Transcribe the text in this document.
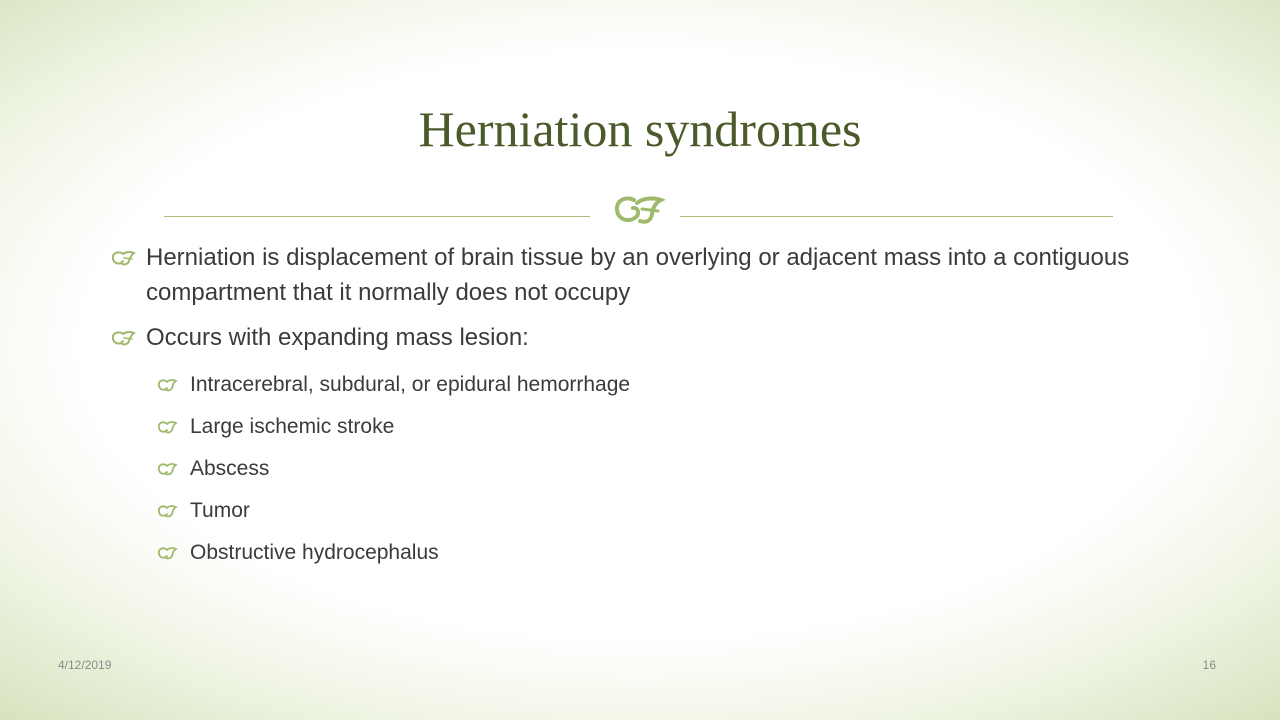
Herniation syndromes
Herniation is displacement of brain tissue by an overlying or adjacent mass into a contiguous compartment that it normally does not occupy
Occurs with expanding mass lesion:
Intracerebral, subdural, or epidural hemorrhage
Large ischemic stroke
Abscess
Tumor
Obstructive hydrocephalus
4/12/2019	16
